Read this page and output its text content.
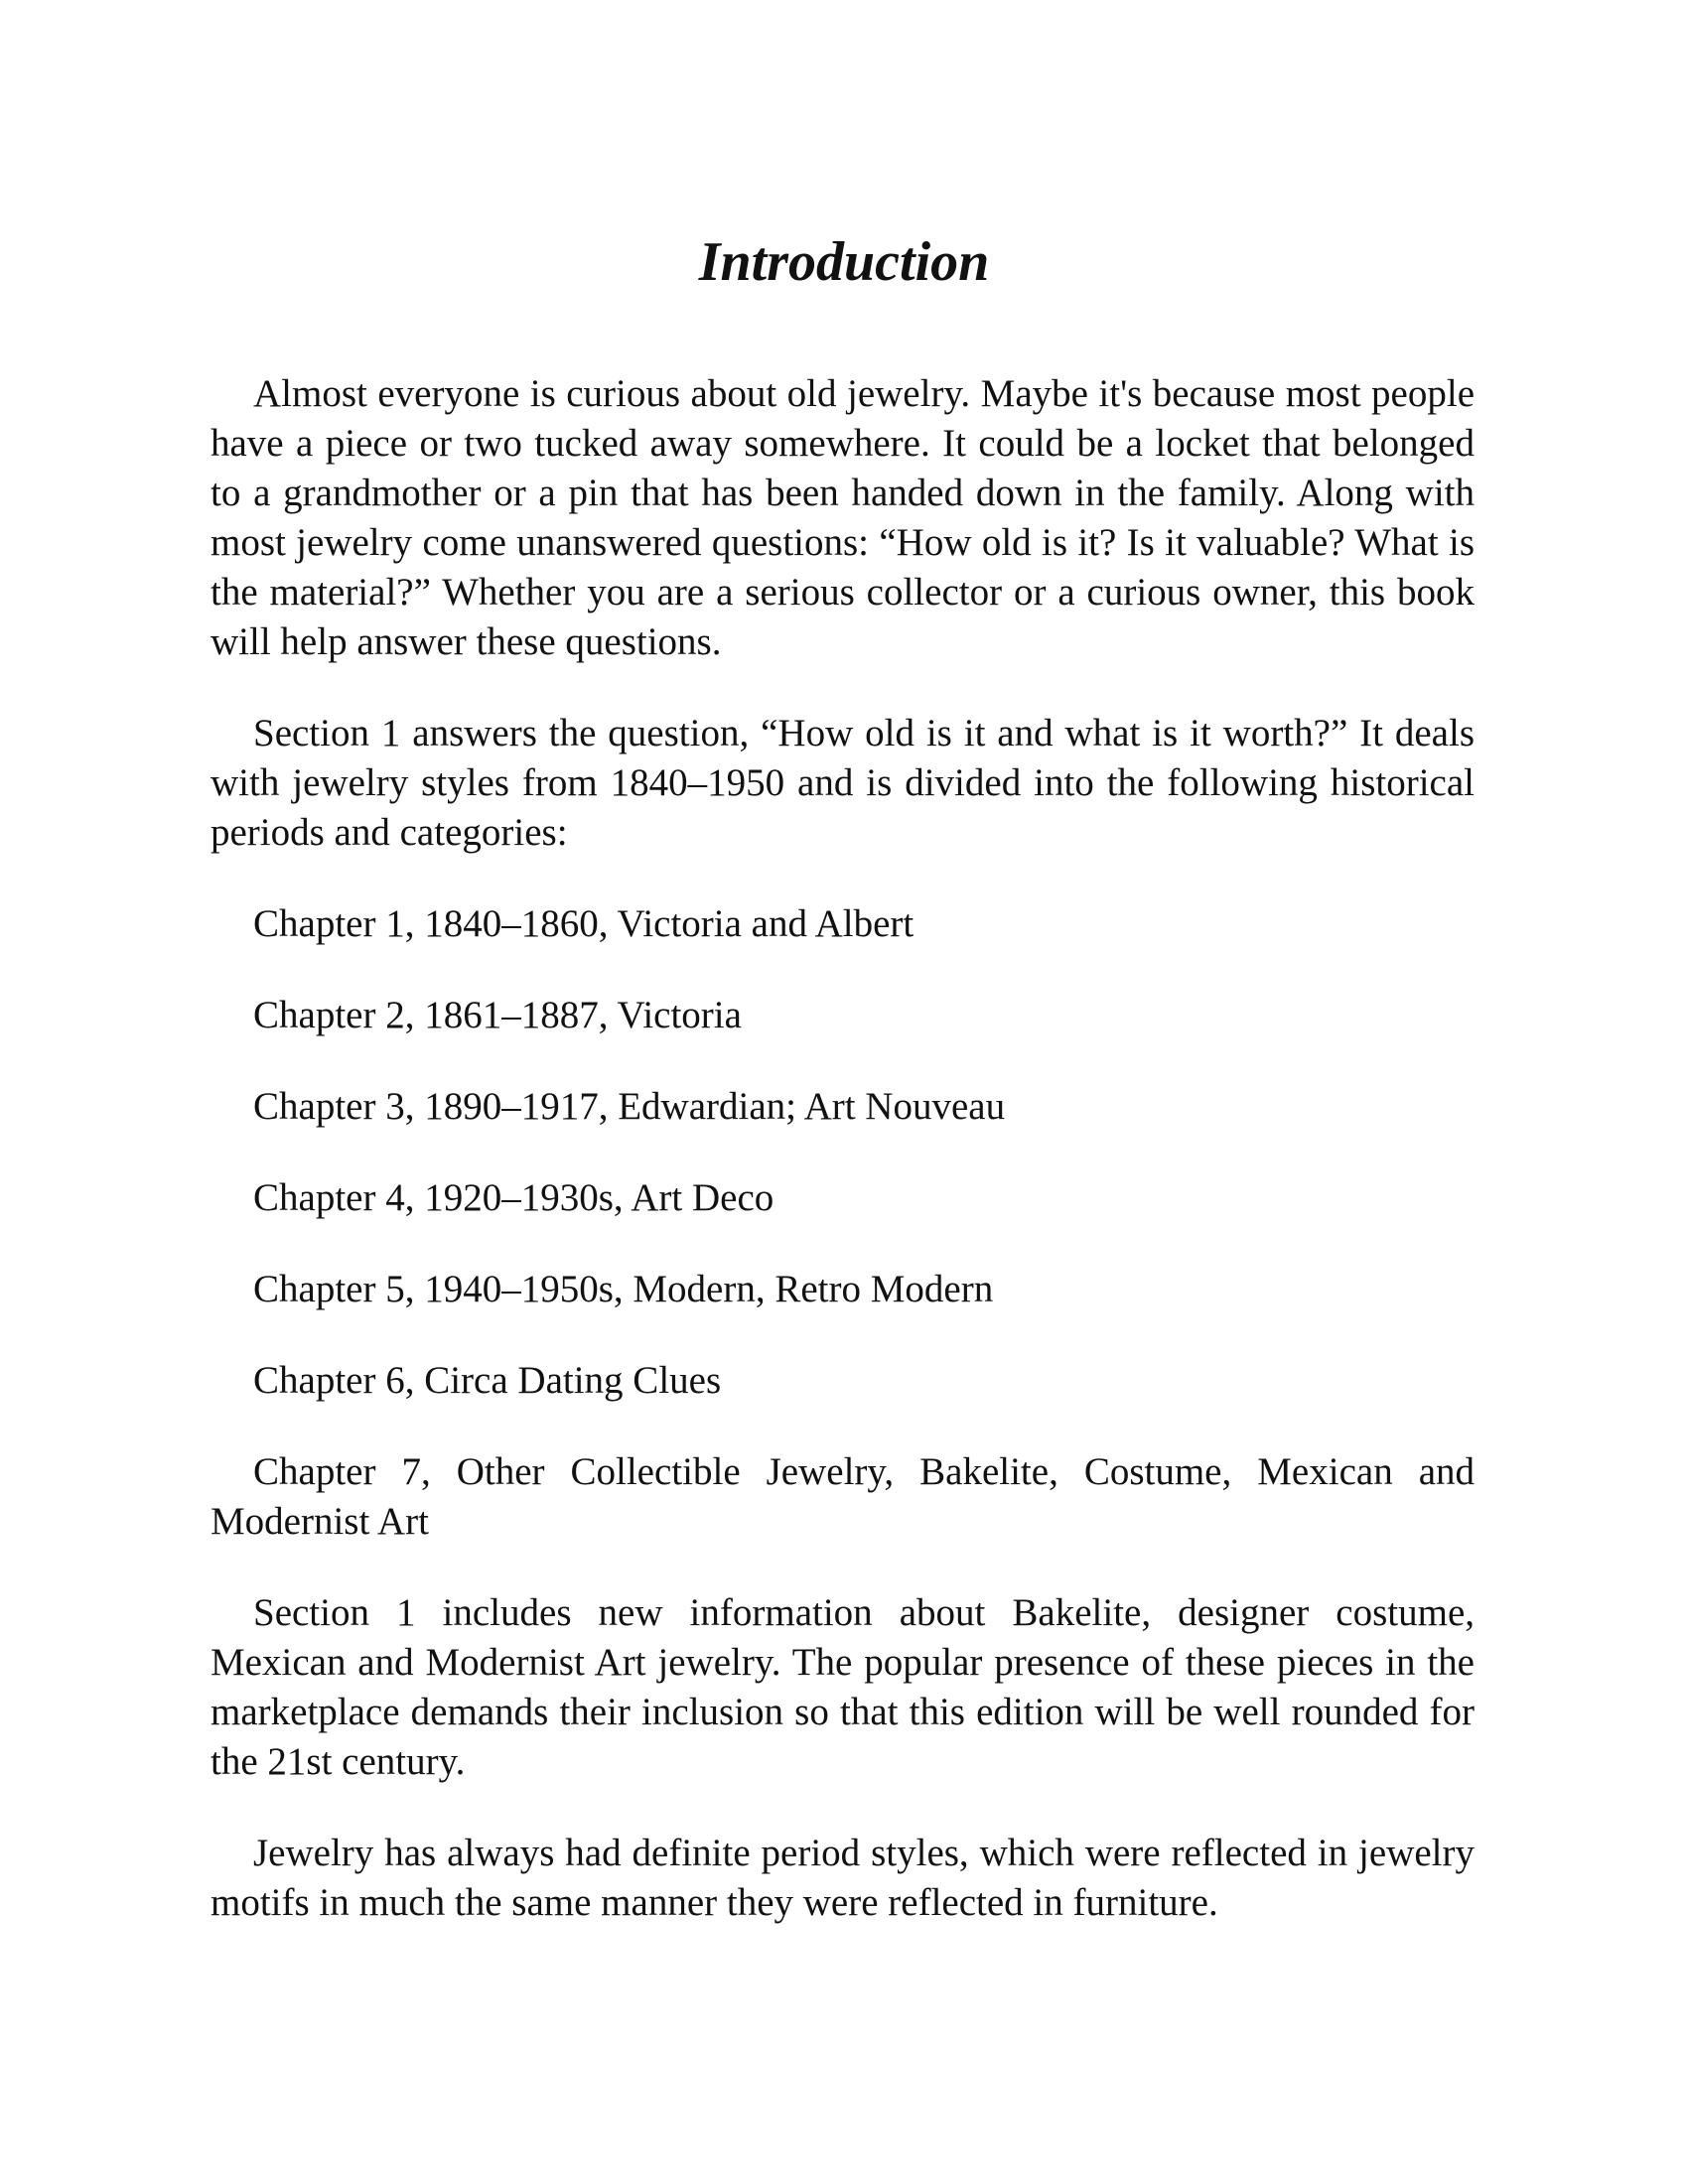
Introduction

Almost everyone is curious about old jewelry. Maybe it's because most people have a piece or two tucked away somewhere. It could be a locket that belonged to a grandmother or a pin that has been handed down in the family. Along with most jewelry come unanswered questions: “How old is it? Is it valuable? What is the material?” Whether you are a serious collector or a curious owner, this book will help answer these questions.

Section 1 answers the question, “How old is it and what is it worth?” It deals with jewelry styles from 1840–1950 and is divided into the following historical periods and categories:

Chapter 1, 1840–1860, Victoria and Albert

Chapter 2, 1861–1887, Victoria

Chapter 3, 1890–1917, Edwardian; Art Nouveau

Chapter 4, 1920–1930s, Art Deco

Chapter 5, 1940–1950s, Modern, Retro Modern

Chapter 6, Circa Dating Clues

Chapter 7, Other Collectible Jewelry, Bakelite, Costume, Mexican and Modernist Art

Section 1 includes new information about Bakelite, designer costume, Mexican and Modernist Art jewelry. The popular presence of these pieces in the marketplace demands their inclusion so that this edition will be well rounded for the 21st century.

Jewelry has always had definite period styles, which were reflected in jewelry motifs in much the same manner they were reflected in furniture.
